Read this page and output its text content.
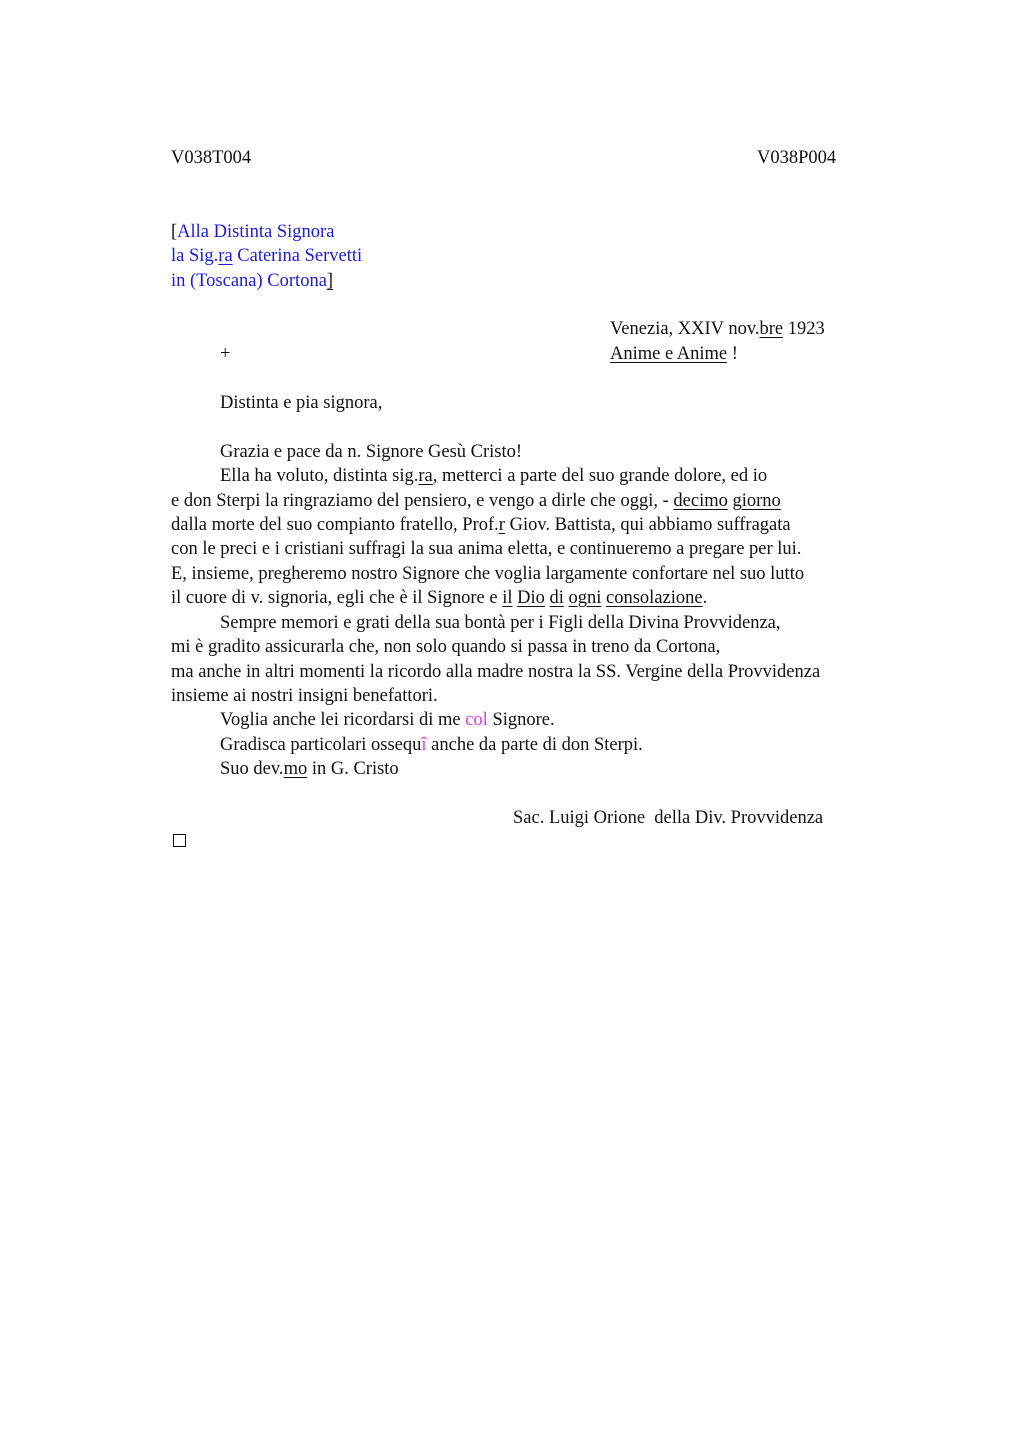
V038T004	V038P004
[Alla Distinta Signora
la Sig.ra Caterina Servetti
in (Toscana) Cortona]
Venezia, XXIV nov.bre 1923
+	Anime e Anime !
Distinta e pia signora,
Grazia e pace da n. Signore Gesù Cristo!
Ella ha voluto, distinta sig.ra, metterci a parte del suo grande dolore, ed io
e don Sterpi la ringraziamo del pensiero, e vengo a dirle che oggi, - decimo giorno
dalla morte del suo compianto fratello, Prof.r Giov. Battista, qui abbiamo suffragata
con le preci e i cristiani suffragi la sua anima eletta, e continueremo a pregare per lui.
E, insieme, pregheremo nostro Signore che voglia largamente confortare nel suo lutto
il cuore di v. signoria, egli che è il Signore e il Dio di ogni consolazione.
Sempre memori e grati della sua bontà per i Figli della Divina Provvidenza,
mi è gradito assicurarla che, non solo quando si passa in treno da Cortona,
ma anche in altri momenti la ricordo alla madre nostra la SS. Vergine della Provvidenza
insieme ai nostri insigni benefattori.
Voglia anche lei ricordarsi di me col Signore.
Gradisca particolari ossequî anche da parte di don Sterpi.
Suo dev.mo in G. Cristo
Sac. Luigi Orione  della Div. Provvidenza
